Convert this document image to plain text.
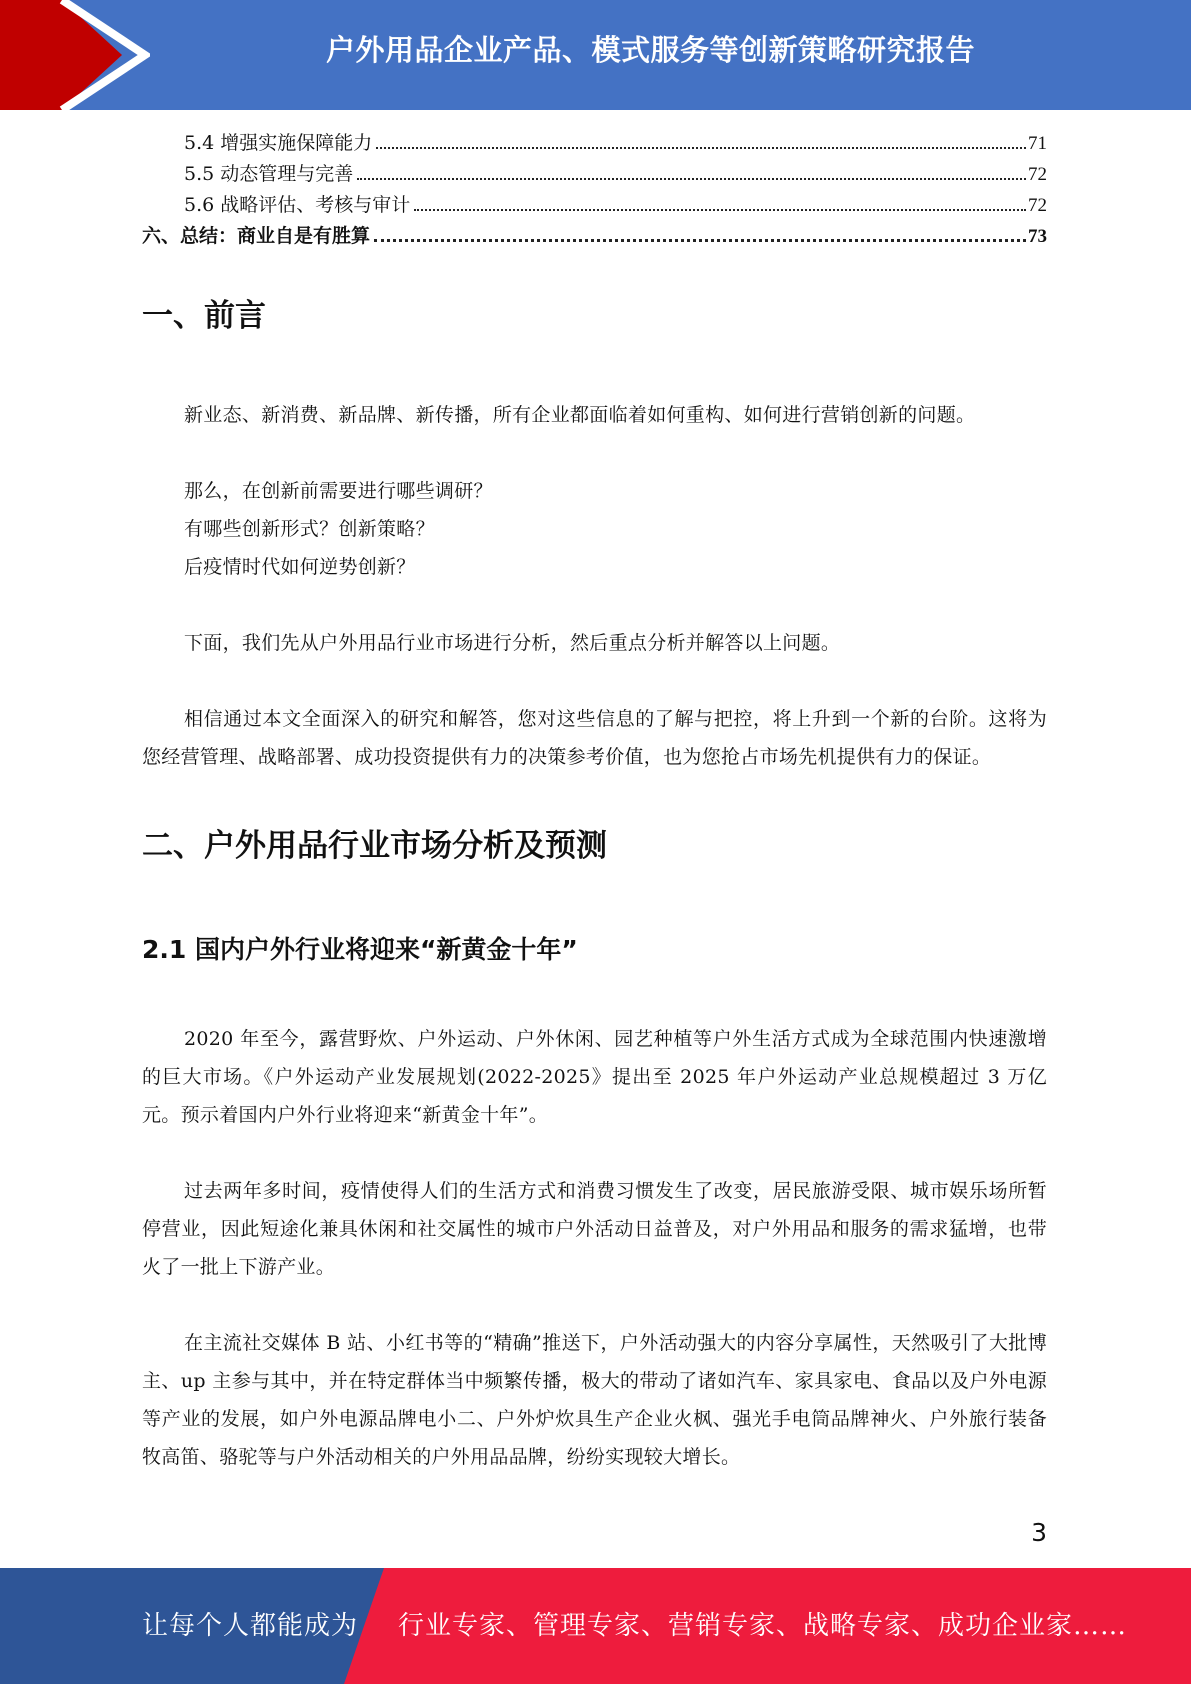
户外用品企业产品、模式服务等创新策略研究报告
5.4 增强实施保障能力	71
5.5 动态管理与完善	72
5.6 战略评估、考核与审计	72
六、总结：商业自是有胜算	73
一、前言

新业态、新消费、新品牌、新传播，所有企业都面临着如何重构、如何进行营销创新的问题。

那么，在创新前需要进行哪些调研？

有哪些创新形式？创新策略？

后疫情时代如何逆势创新？

下面，我们先从户外用品行业市场进行分析，然后重点分析并解答以上问题。

相信通过本文全面深入的研究和解答，您对这些信息的了解与把控，将上升到一个新的台阶。这将为您经营管理、战略部署、成功投资提供有力的决策参考价值，也为您抢占市场先机提供有力的保证。

二、户外用品行业市场分析及预测
2.1 国内户外行业将迎来“新黄金十年”

2020 年至今，露营野炊、户外运动、户外休闲、园艺种植等户外生活方式成为全球范围内快速激增的巨大市场。《户外运动产业发展规划(2022-2025》提出至 2025 年户外运动产业总规模超过 3 万亿元。预示着国内户外行业将迎来“新黄金十年”。

过去两年多时间，疫情使得人们的生活方式和消费习惯发生了改变，居民旅游受限、城市娱乐场所暂停营业，因此短途化兼具休闲和社交属性的城市户外活动日益普及，对户外用品和服务的需求猛增，也带火了一批上下游产业。

在主流社交媒体 B 站、小红书等的“精确”推送下，户外活动强大的内容分享属性，天然吸引了大批博主、up 主参与其中，并在特定群体当中频繁传播，极大的带动了诸如汽车、家具家电、食品以及户外电源等产业的发展，如户外电源品牌电小二、户外炉炊具生产企业火枫、强光手电筒品牌神火、户外旅行装备牧高笛、骆驼等与户外活动相关的户外用品品牌，纷纷实现较大增长。

3
让每个人都能成为 行业专家、管理专家、营销专家、战略专家、成功企业家……
